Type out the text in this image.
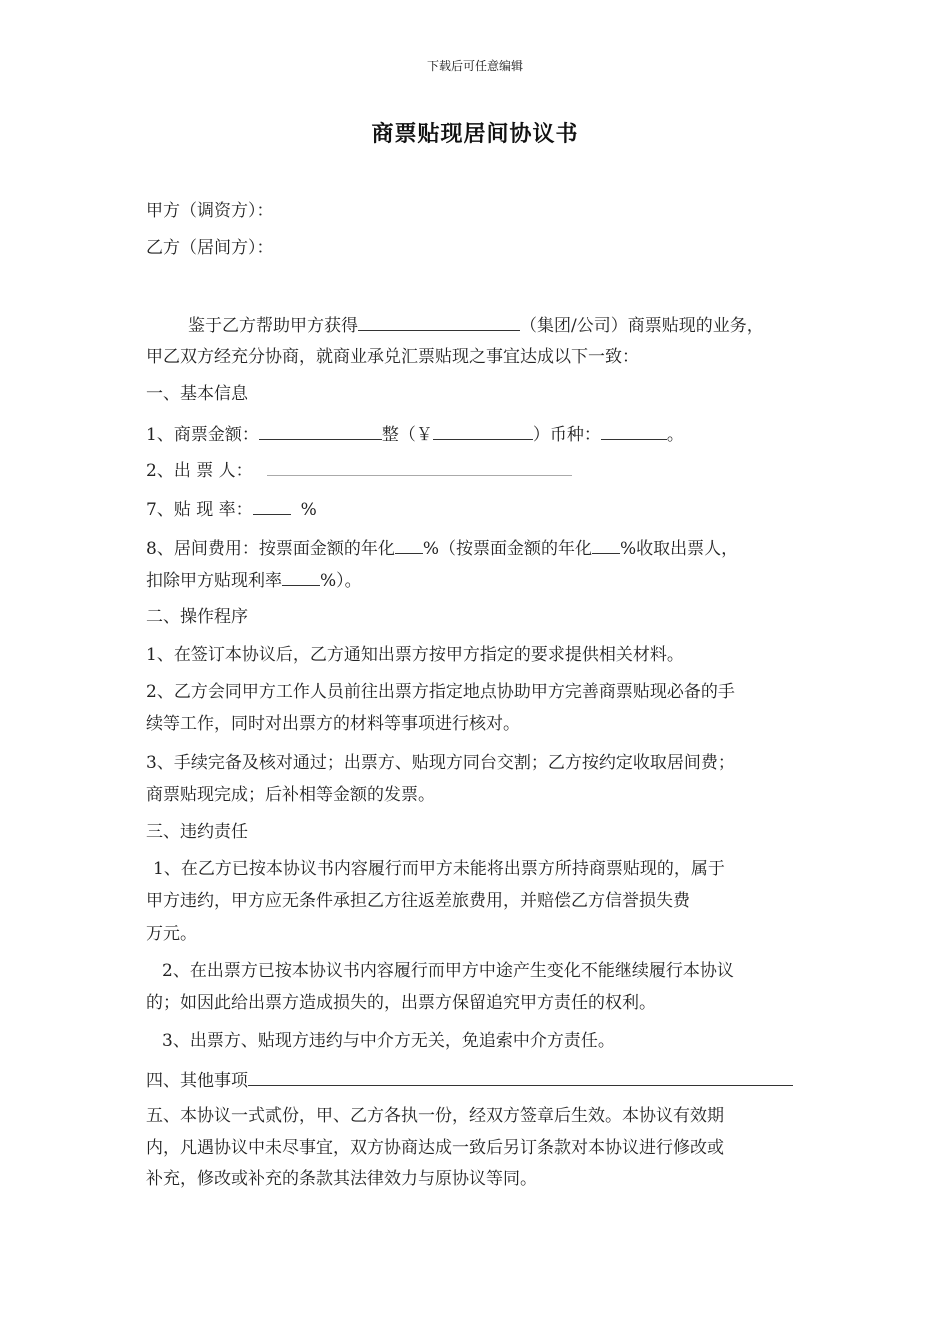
下载后可任意编辑
商票贴现居间协议书
甲方（调资方）：
乙方（居间方）：
鉴于乙方帮助甲方获得	（集团/公司）商票贴现的业务，
甲乙双方经充分协商，就商业承兑汇票贴现之事宜达成以下一致：
一、基本信息
1、商票金额：	整（￥	）币种：	。
2、出 票 人：
7、贴 现 率：	%
8、居间费用：按票面金额的年化 %（按票面金额的年化 %收取出票人，
扣除甲方贴现利率 %）。
二、操作程序
1、在签订本协议后，乙方通知出票方按甲方指定的要求提供相关材料。
2、乙方会同甲方工作人员前往出票方指定地点协助甲方完善商票贴现必备的手
续等工作，同时对出票方的材料等事项进行核对。
3、手续完备及核对通过；出票方、贴现方同台交割；乙方按约定收取居间费；
商票贴现完成；后补相等金额的发票。
三、违约责任
1、在乙方已按本协议书内容履行而甲方未能将出票方所持商票贴现的，属于
甲方违约，甲方应无条件承担乙方往返差旅费用，并赔偿乙方信誉损失费
万元。
2、在出票方已按本协议书内容履行而甲方中途产生变化不能继续履行本协议
的；如因此给出票方造成损失的，出票方保留追究甲方责任的权利。
3、出票方、贴现方违约与中介方无关，免追索中介方责任。
四、其他事项
五、本协议一式贰份，甲、乙方各执一份，经双方签章后生效。本协议有效期
内，凡遇协议中未尽事宜，双方协商达成一致后另订条款对本协议进行修改或
补充，修改或补充的条款其法律效力与原协议等同。
